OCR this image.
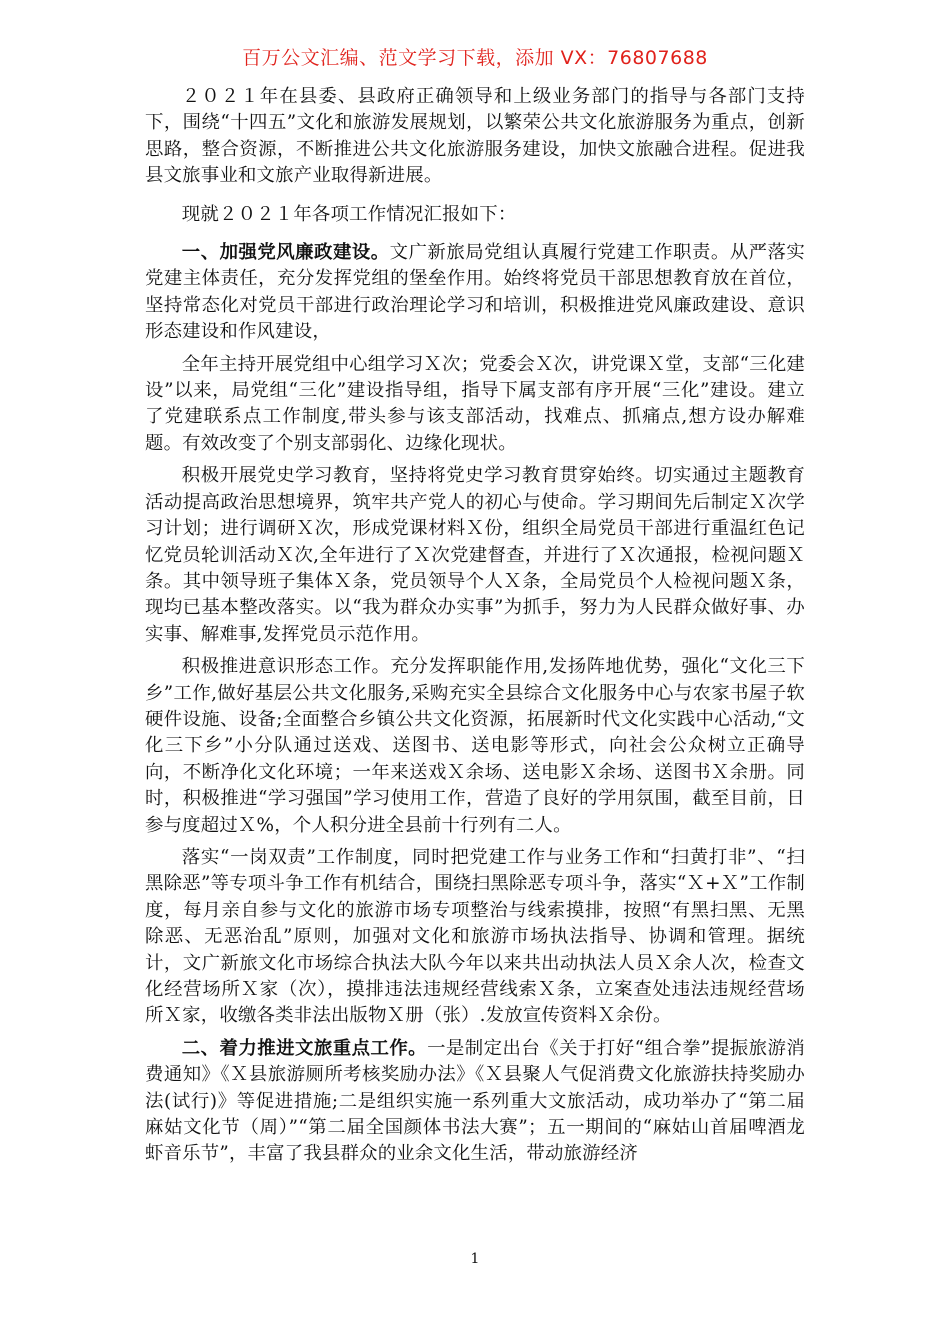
百万公文汇编、范文学习下载，添加 VX：76807688

２０２１年在县委、县政府正确领导和上级业务部门的指导与各部门支持下，围绕“十四五”文化和旅游发展规划，以繁荣公共文化旅游服务为重点，创新思路，整合资源，不断推进公共文化旅游服务建设，加快文旅融合进程。促进我县文旅事业和文旅产业取得新进展。

现就２０２１年各项工作情况汇报如下：

一、加强党风廉政建设。文广新旅局党组认真履行党建工作职责。从严落实党建主体责任，充分发挥党组的堡垒作用。始终将党员干部思想教育放在首位，坚持常态化对党员干部进行政治理论学习和培训，积极推进党风廉政建设、意识形态建设和作风建设，

全年主持开展党组中心组学习Ｘ次；党委会Ｘ次，讲党课Ｘ堂，支部“三化建设”以来，局党组“三化”建设指导组，指导下属支部有序开展“三化”建设。建立了党建联系点工作制度,带头参与该支部活动，找难点、抓痛点,想方设办解难题。有效改变了个别支部弱化、边缘化现状。

积极开展党史学习教育，坚持将党史学习教育贯穿始终。切实通过主题教育活动提高政治思想境界，筑牢共产党人的初心与使命。学习期间先后制定Ｘ次学习计划；进行调研Ｘ次，形成党课材料Ｘ份，组织全局党员干部进行重温红色记忆党员轮训活动Ｘ次,全年进行了Ｘ次党建督查，并进行了Ｘ次通报，检视问题Ｘ条。其中领导班子集体Ｘ条，党员领导个人Ｘ条，全局党员个人检视问题Ｘ条，现均已基本整改落实。以“我为群众办实事”为抓手，努力为人民群众做好事、办实事、解难事,发挥党员示范作用。

积极推进意识形态工作。充分发挥职能作用,发扬阵地优势，强化“文化三下乡”工作,做好基层公共文化服务,采购充实全县综合文化服务中心与农家书屋子软硬件设施、设备;全面整合乡镇公共文化资源，拓展新时代文化实践中心活动,“文化三下乡”小分队通过送戏、送图书、送电影等形式，向社会公众树立正确导向，不断净化文化环境；一年来送戏Ｘ余场、送电影Ｘ余场、送图书Ｘ余册。同时，积极推进“学习强国”学习使用工作，营造了良好的学用氛围，截至目前，日参与度超过Ｘ%，个人积分进全县前十行列有二人。

落实“一岗双责”工作制度，同时把党建工作与业务工作和“扫黄打非”、“扫黑除恶”等专项斗争工作有机结合，围绕扫黑除恶专项斗争，落实“Ｘ+Ｘ”工作制度，每月亲自参与文化的旅游市场专项整治与线索摸排，按照“有黑扫黑、无黑除恶、无恶治乱”原则，加强对文化和旅游市场执法指导、协调和管理。据统计，文广新旅文化市场综合执法大队今年以来共出动执法人员Ｘ余人次，检查文化经营场所Ｘ家（次），摸排违法违规经营线索Ｘ条，立案查处违法违规经营场所Ｘ家，收缴各类非法出版物Ｘ册（张）.发放宣传资料Ｘ余份。

二、着力推进文旅重点工作。一是制定出台《关于打好“组合拳”提振旅游消费通知》《Ｘ县旅游厕所考核奖励办法》《Ｘ县聚人气促消费文化旅游扶持奖励办法(试行)》等促进措施;二是组织实施一系列重大文旅活动，成功举办了“第二届麻姑文化节（周）”“第二届全国颜体书法大赛”；五一期间的“麻姑山首届啤酒龙虾音乐节”，丰富了我县群众的业余文化生活，带动旅游经济

1
